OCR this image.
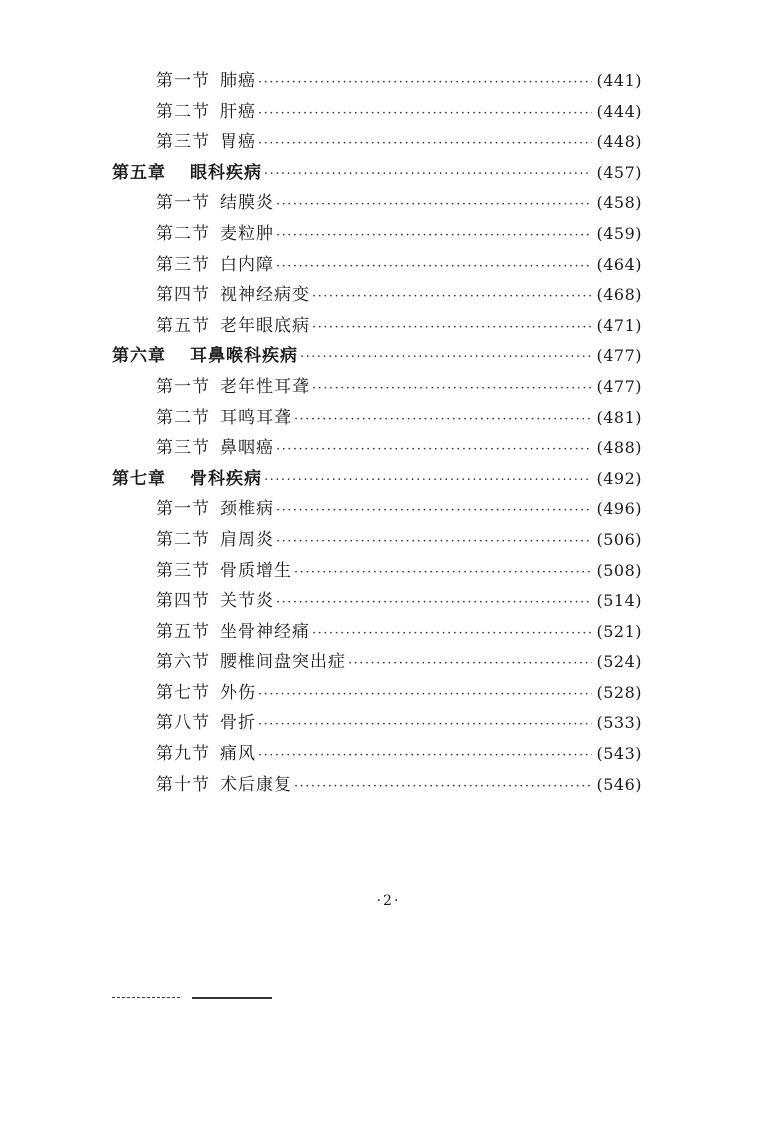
第一节 肺癌 ·····	(441)
第二节 肝癌 ·····	(444)
第三节 胃癌 ·····	(448)
第五章	眼科疾病 ·····	(457)
第一节 结膜炎 ·····	(458)
第二节 麦粒肿 ·····	(459)
第三节 白内障 ·····	(464)
第四节 视神经病变 ·····	(468)
第五节 老年眼底病 ·····	(471)
第六章	耳鼻喉科疾病 ·····	(477)
第一节 老年性耳聋 ·····	(477)
第二节 耳鸣耳聋 ·····	(481)
第三节 鼻咽癌 ·····	(488)
第七章	骨科疾病 ·····	(492)
第一节 颈椎病 ·····	(496)
第二节 肩周炎 ·····	(506)
第三节 骨质增生 ·····	(508)
第四节 关节炎 ·····	(514)
第五节 坐骨神经痛 ·····	(521)
第六节 腰椎间盘突出症 ·····	(524)
第七节 外伤 ·····	(528)
第八节 骨折 ·····	(533)
第九节 痛风 ·····	(543)
第十节 术后康复 ·····	(546)
·2·
